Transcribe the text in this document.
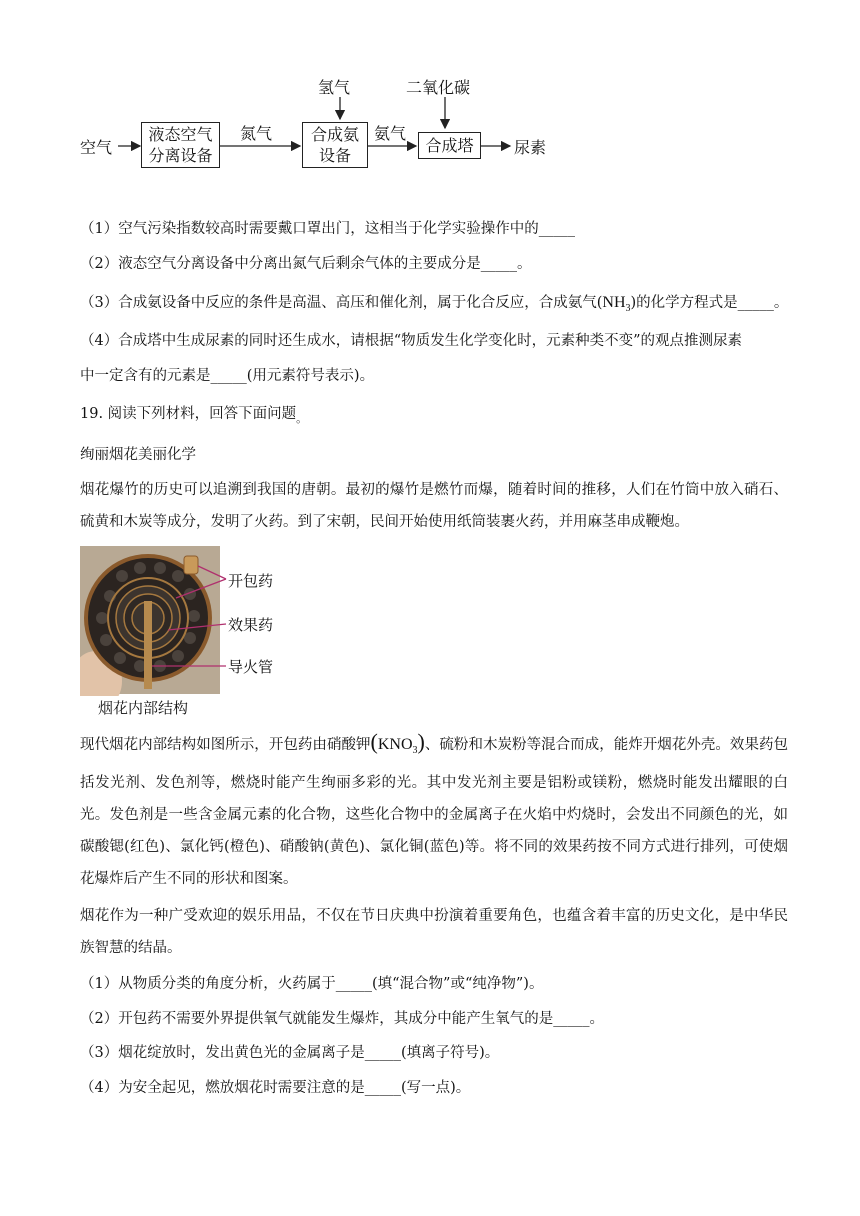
空气
液态空气
分离设备
氮气
氢气
合成氨
设备
氨气
二氧化碳
合成塔	尿素
（1）空气污染指数较高时需要戴口罩出门，这相当于化学实验操作中的_____
（2）液态空气分离设备中分离出氮气后剩余气体的主要成分是_____。
（3）合成氨设备中反应的条件是高温、高压和催化剂，属于化合反应，合成氨气$(NH_3)$的化学方程式是_____。
（4）合成塔中生成尿素的同时还生成水，请根据“物质发生化学变化时，元素种类不变”的观点推测尿素
中一定含有的元素是_____(用元素符号表示)。
19. 阅读下列材料，回答下面问题$_。$
绚丽烟花美丽化学
烟花爆竹的历史可以追溯到我国的唐朝。最初的爆竹是燃竹而爆，随着时间的推移，人们在竹筒中放入硝石、硫黄和木炭等成分，发明了火药。到了宋朝，民间开始使用纸筒装裹火药，并用麻茎串成鞭炮。
开包药
效果药
导火管
烟花内部结构
现代烟花内部结构如图所示，开包药由硝酸钾$(KNO_3)$、硫粉和木炭粉等混合而成，能炸开烟花外壳。效果药包括发光剂、发色剂等，燃烧时能产生绚丽多彩的光。其中发光剂主要是铝粉或镁粉，燃烧时能发出耀眼的白光。发色剂是一些含金属元素的化合物，这些化合物中的金属离子在火焰中灼烧时，会发出不同颜色的光，如碳酸锶(红色)、氯化钙(橙色)、硝酸钠(黄色)、氯化铜(蓝色)等。将不同的效果药按不同方式进行排列，可使烟花爆炸后产生不同的形状和图案。
烟花作为一种广受欢迎的娱乐用品，不仅在节日庆典中扮演着重要角色，也蕴含着丰富的历史文化，是中华民族智慧的结晶。
（1）从物质分类的角度分析，火药属于_____(填“混合物”或“纯净物”)。
（2）开包药不需要外界提供氧气就能发生爆炸，其成分中能产生氧气的是_____。
（3）烟花绽放时，发出黄色光的金属离子是_____(填离子符号)。
（4）为安全起见，燃放烟花时需要注意的是_____(写一点)。
